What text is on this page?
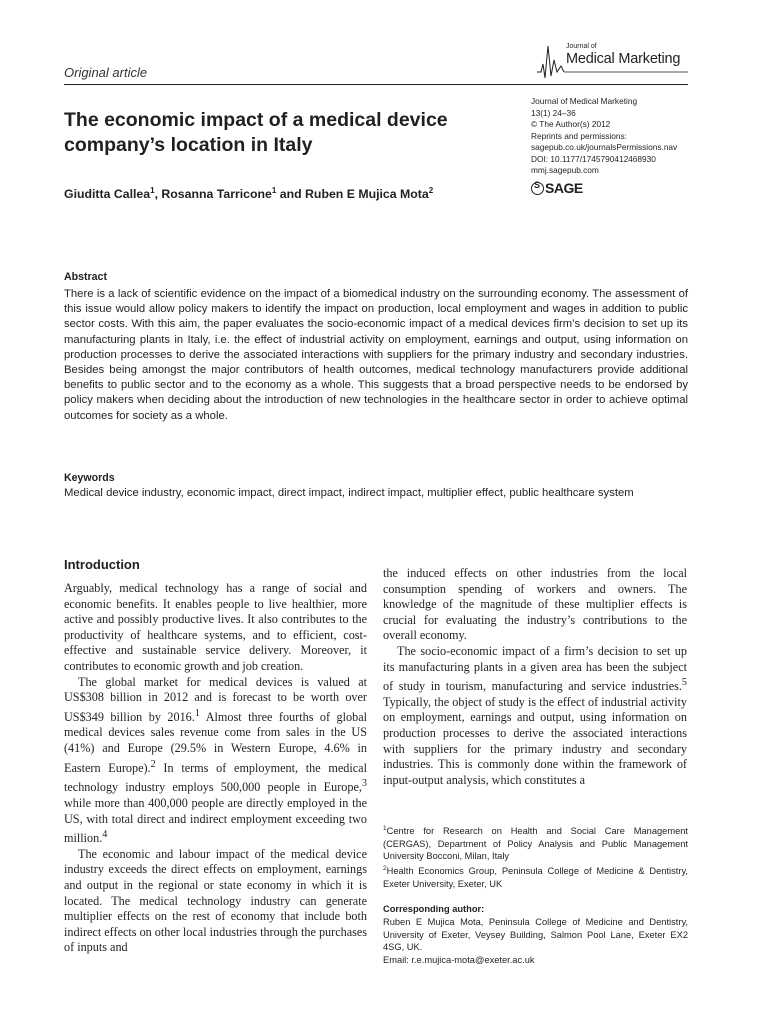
Original article
Journal of
Medical Marketing
The economic impact of a medical device company’s location in Italy
Giuditta Callea$^1$, Rosanna Tarricone$^1$ and Ruben E Mujica Mota$^2$
Journal of Medical Marketing
13(1) 24–36
© The Author(s) 2012
Reprints and permissions:
sagepub.co.uk/journalsPermissions.nav
DOI: 10.1177/1745790412468930
mmj.sagepub.com
S
SAGE
Abstract

There is a lack of scientific evidence on the impact of a biomedical industry on the surrounding economy. The assessment of this issue would allow policy makers to identify the impact on production, local employment and wages in addition to public sector costs. With this aim, the paper evaluates the socio-economic impact of a medical devices firm’s decision to set up its manufacturing plants in Italy, i.e. the effect of industrial activity on employment, earnings and output, using information on production processes to derive the associated interactions with suppliers for the primary industry and secondary industries. Besides being amongst the major contributors of health outcomes, medical technology manufacturers provide additional benefits to public sector and to the economy as a whole. This suggests that a broad perspective needs to be endorsed by policy makers when deciding about the introduction of new technologies in the healthcare sector in order to achieve optimal outcomes for society as a whole.

Keywords

Medical device industry, economic impact, direct impact, indirect impact, multiplier effect, public healthcare system

Introduction

Arguably, medical technology has a range of social and economic benefits. It enables people to live healthier, more active and possibly productive lives. It also contributes to the productivity of healthcare systems, and to efficient, cost-effective and sustainable service delivery. Moreover, it contributes to economic growth and job creation.

The global market for medical devices is valued at US$308 billion in 2012 and is forecast to be worth over US$349 billion by 2016.$^1$ Almost three fourths of global medical devices sales revenue come from sales in the US (41%) and Europe (29.5% in Western Europe, 4.6% in Eastern Europe).$^2$ In terms of employment, the medical technology industry employs 500,000 people in Europe,$^3$ while more than 400,000 people are directly employed in the US, with total direct and indirect employment exceeding two million.$^4$

The economic and labour impact of the medical device industry exceeds the direct effects on employment, earnings and output in the regional or state economy in which it is located. The medical technology industry can generate multiplier effects on the rest of economy that include both indirect effects on other local industries through the purchases of inputs and

the induced effects on other industries from the local consumption spending of workers and owners. The knowledge of the magnitude of these multiplier effects is crucial for evaluating the industry’s contributions to the overall economy.

The socio-economic impact of a firm’s decision to set up its manufacturing plants in a given area has been the subject of study in tourism, manufacturing and service industries.$^5$ Typically, the object of study is the effect of industrial activity on employment, earnings and output, using information on production processes to derive the associated interactions with suppliers for the primary industry and secondary industries. This is commonly done within the framework of input-output analysis, which constitutes a

$^1$Centre for Research on Health and Social Care Management (CERGAS), Department of Policy Analysis and Public Management University Bocconi, Milan, Italy

$^2$Health Economics Group, Peninsula College of Medicine & Dentistry, Exeter University, Exeter, UK

Corresponding author:

Ruben E Mujica Mota, Peninsula College of Medicine and Dentistry, University of Exeter, Veysey Building, Salmon Pool Lane, Exeter EX2 4SG, UK.

Email: r.e.mujica-mota@exeter.ac.uk
